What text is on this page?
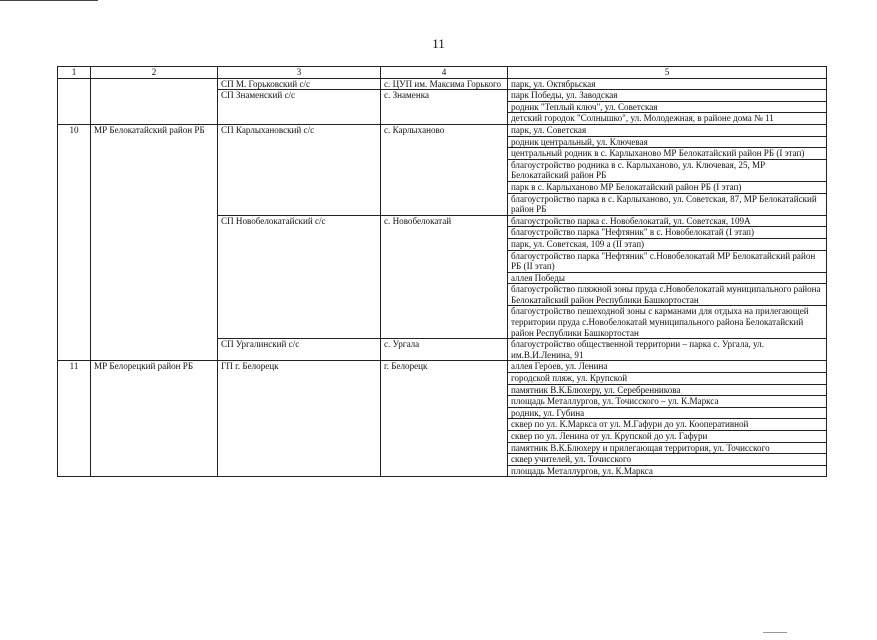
11
1	2	3	4	5
		СП М. Горьковский с/с	с. ЦУП им. Максима Горького	парк, ул. Октябрьская
		СП Знаменский с/с	с. Знаменка	парк Победы, ул. Заводская
				родник "Теплый ключ", ул. Советская
				детский городок "Солнышко", ул. Молодежная, в районе дома № 11
10	МР Белокатайский район РБ	СП Карлыхановский с/с	с. Карлыханово	парк, ул. Советская
				родник центральный, ул. Ключевая
				центральный родник в с. Карлыханово МР Белокатайский район РБ (I этап)
				благоустройство родника в с. Карлыханово, ул. Ключевая, 25, МР Белокатайский район РБ
				парк в с. Карлыханово МР Белокатайский район РБ (I этап)
				благоустройство парка в с. Карлыханово, ул. Советская, 87, МР Белокатайский район РБ
		СП Новобелокатайский с/с	с. Новобелокатай	благоустройство парка с. Новобелокатай, ул. Советская, 109А
				благоустройство парка "Нефтяник" в с. Новобелокатай (I этап)
				парк, ул. Советская, 109 а (II этап)
				благоустройство парка "Нефтяник" с.Новобелокатай МР Белокатайский район РБ (II этап)
				аллея Победы
				благоустройство пляжной зоны пруда с.Новобелокатай муниципального района Белокатайский район Республики Башкортостан
				благоустройство пешеходной зоны с карманами для отдыха на прилегающей территории пруда с.Новобелокатай муниципального района Белокатайский район Республики Башкортостан
		СП Ургалинский с/с	с. Ургала	благоустройство общественной территории – парка с. Ургала, ул. им.В.И.Ленина, 91
11	МР Белорецкий район РБ	ГП г. Белорецк	г. Белорецк	аллея Героев, ул. Ленина
				городской пляж, ул. Крупской
				памятник В.К.Блюхеру, ул. Серебренникова
				площадь Металлургов, ул. Точисского – ул. К.Маркса
				родник, ул. Губина
				сквер по ул. К.Маркса от ул. М.Гафури до ул. Кооперативной
				сквер по ул. Ленина от ул. Крупской до ул. Гафури
				памятник В.К.Блюхеру и прилегающая территория, ул. Точисского
				сквер учителей, ул. Точисского
				площадь Металлургов, ул. К.Маркса
